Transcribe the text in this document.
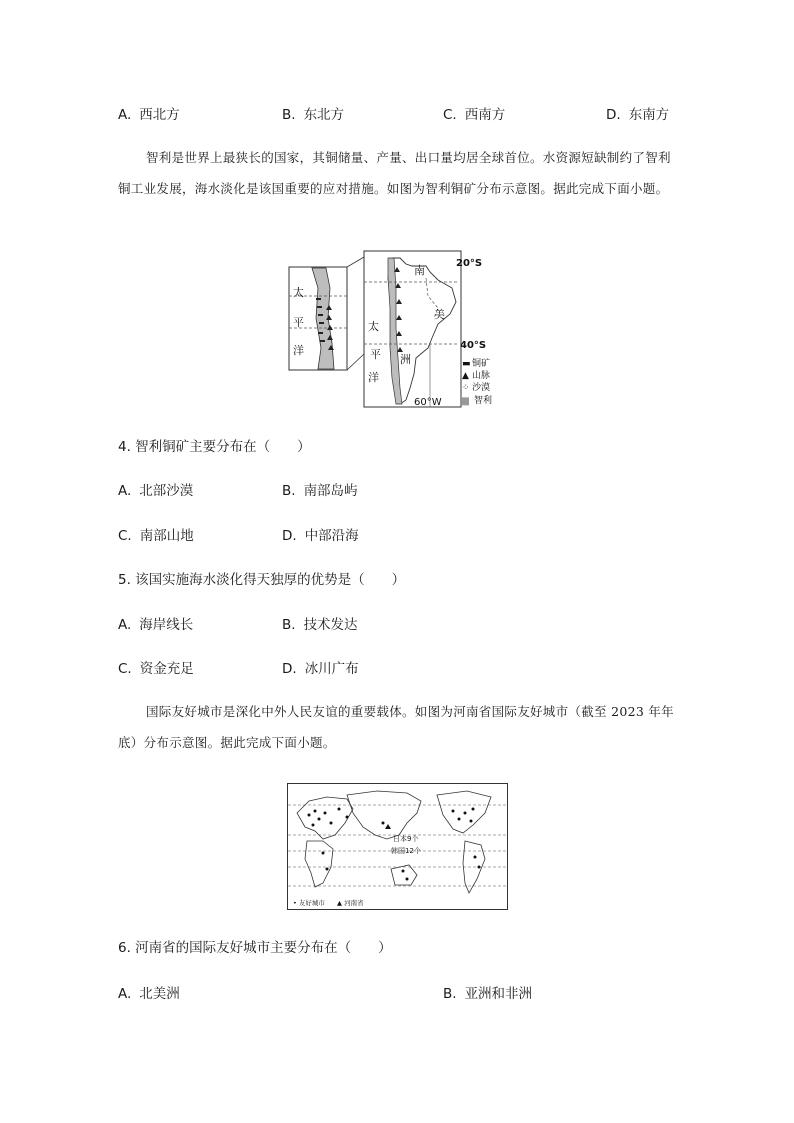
A. 西北方	B. 东北方	C. 西南方	D. 东南方
智利是世界上最狭长的国家，其铜储量、产量、出口量均居全球首位。水资源短缺制约了智利铜工业发展，海水淡化是该国重要的应对措施。如图为智利铜矿分布示意图。据此完成下面小题。
太
平
洋
南
美
洲
太
平
洋
20°S
40°S
60°W
▬ 铜矿
▲ 山脉
⁘ 沙漠
▆ 智利
4. 智利铜矿主要分布在（　　）
A. 北部沙漠	B. 南部岛屿
C. 南部山地	D. 中部沿海
5. 该国实施海水淡化得天独厚的优势是（　　）
A. 海岸线长	B. 技术发达
C. 资金充足	D. 冰川广布
国际友好城市是深化中外人民友谊的重要载体。如图为河南省国际友好城市（截至 2023 年年底）分布示意图。据此完成下面小题。
日本9个
韩国12个
• 友好城市 ▲ 河南省
6. 河南省的国际友好城市主要分布在（　　）
A. 北美洲	B. 亚洲和非洲
